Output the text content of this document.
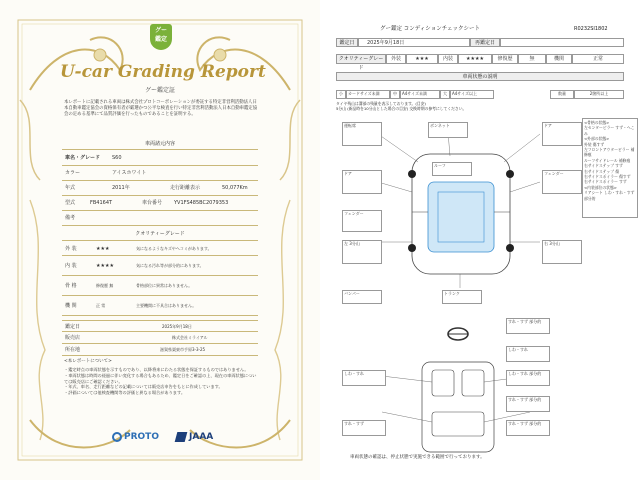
グー
鑑定
U-car Grading Report
グー鑑定証
本レポートに記載される車両は株式会社プロトコーポレーションが委託する特定非営利活動法人日本自動車鑑定協会の資格保有者が厳選かつ公平な検査を行い特定非営利活動法人日本自動車鑑定協会の定める基準にて品質評価を行ったものであることを証明する。
車両諸元内容
車名・グレード S60
カラー	アイスホワイト
年式	2011年	走行距離表示	50,077Km
型式	FB4164T	車台番号 YV1FS485BC2079353
備考
クオリティーグレード
外 装	★★★	気になるようなキズやヘコミがあります。
内 装	★★★★	気になる汚れ等が部分的にあります。
骨 格	修復歴 無	骨格部位に異常はありません。
機 関	正 常	主要機関に不具合はありません。
鑑定日	2025年9月18日
販売店	株式会社ミライアル
所在地	滋賀県栗東市手原3-3-25
<本レポートについて>
・鑑定時点の車両状態を示すものであり、以降将来にわたる状態を保証するものではありません。
・車両状態は時間の経過に伴い変化する場合もあるため、鑑定日をご確認の上、現在の車両状態については販売店にご確認ください。
・年式、車名、走行距離などの記載については販売店申告をもとに作成しています。
・評価については他検査機関等の評価と異なる場合があります。
PROTO	JAAA
グー鑑定 コンディションチェックシート	R0232SI1802
鑑定日	2025年9月18日	再鑑定日
クオリティーグレード
外装	★★★	内装	★★★★	修復歴	無	機関	正常
車両状態の説明
小	カードサイズ未満	中	A4サイズ未満	大	A4サイズ以上	数量	2箇所以上
タイヤ残山は溝部の残量を表示しております。(目安)
5分山 (新品時を10分山とした場合の目安) 交換時期の参考にしてください。
運転席
ドア
左 3分山
フェンダー
ボンネット
ルーフ
ドア
フェンダー
右 3分山
トランク
バンパー
<骨格の状態>
左センターピラー すず・へこみ
<外部の状態>
外装 傷すず
左フロントアウタービラー 補修痕
ルーフサイドレール 補修痕
右サイドステップ すず
右サイドステップ 傷
右サイドスポイラー 傷すず
右サイドスポイラー すず
<内装部位の状態>
リアシート しわ・すれ・すず 部分的
すれ・すず 部分的
しわ・すれ
しわ・すれ	しわ・すれ 部分的
すれ・すず 部分的
すれ・すず	すれ・すず 部分的
車両状態の確認は、停止状態で実施できる範囲で行っております。
